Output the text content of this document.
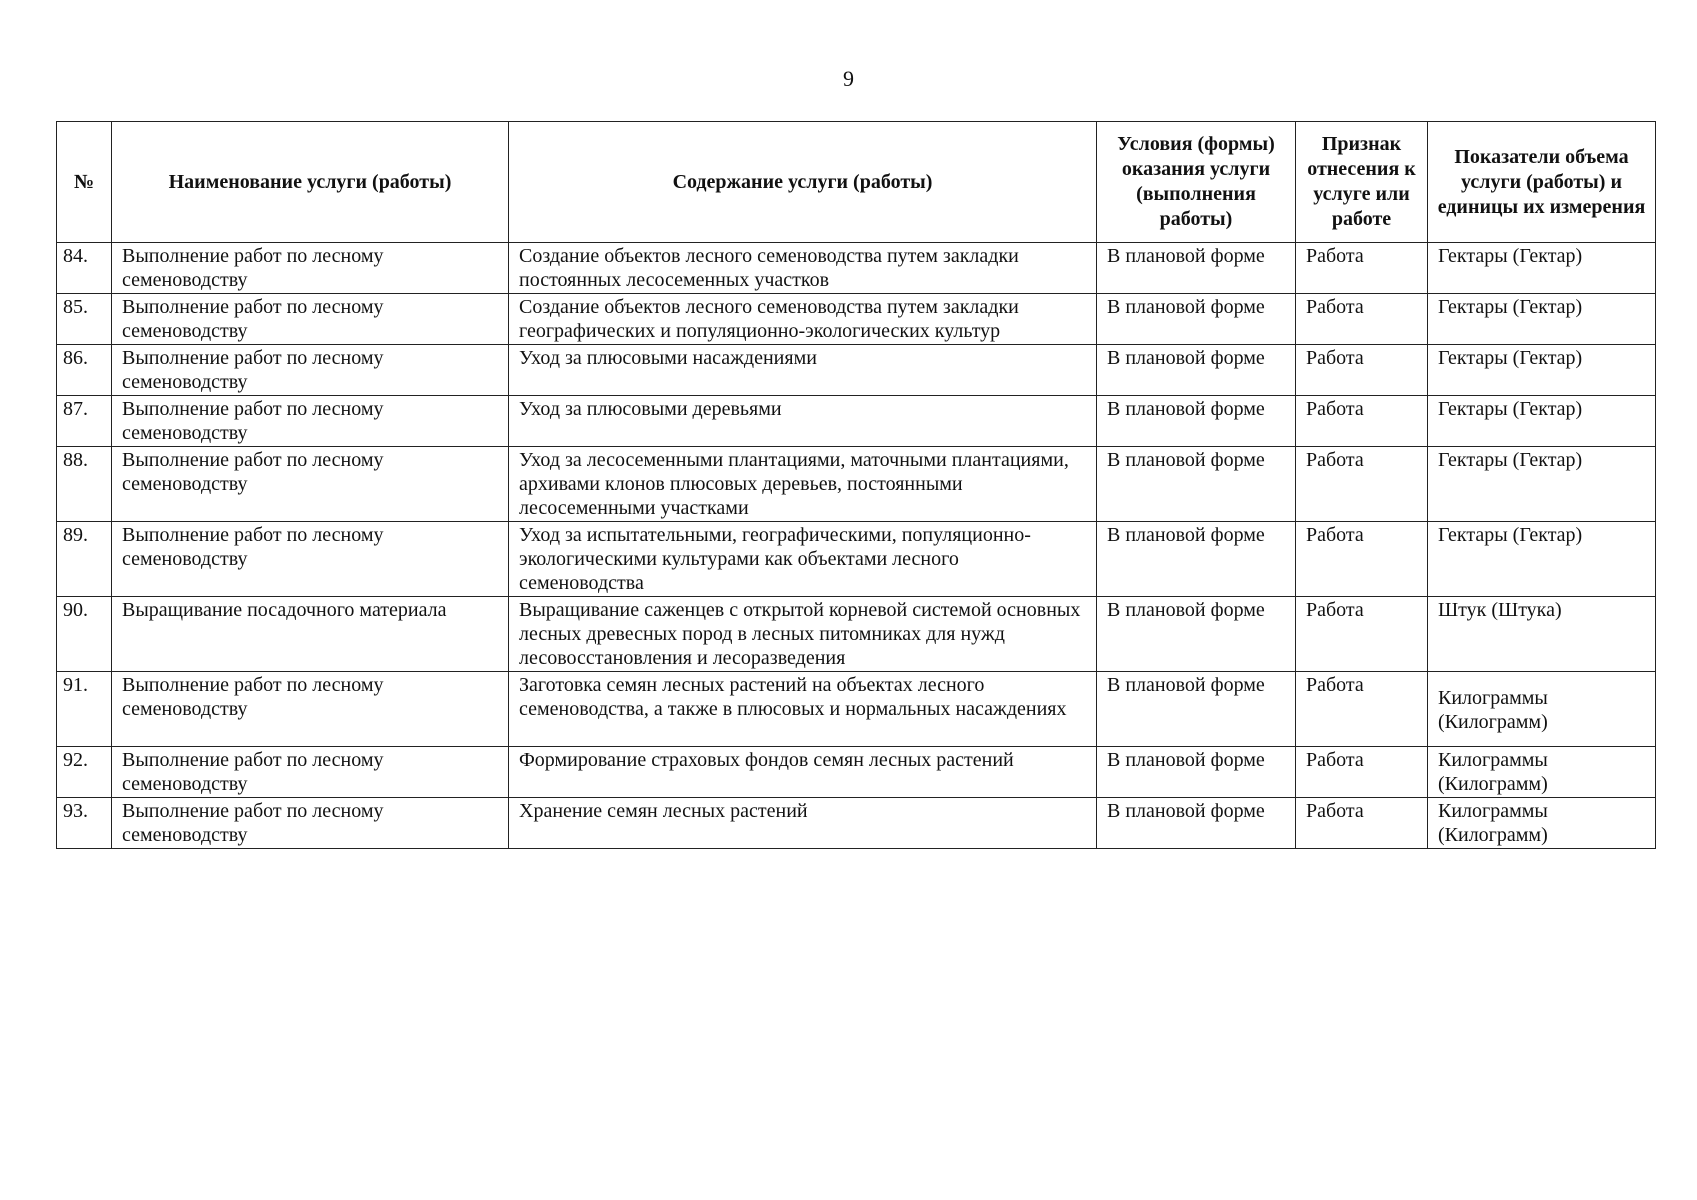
9
№	Наименование услуги (работы)	Содержание услуги (работы)	Условия (формы) оказания услуги (выполнения работы)	Признак отнесения к услуге или работе	Показатели объема услуги (работы) и единицы их измерения
84.	Выполнение работ по лесному семеноводству	Создание объектов лесного семеноводства путем закладки постоянных лесосеменных участков	В плановой форме	Работа	Гектары (Гектар)
85.	Выполнение работ по лесному семеноводству	Создание объектов лесного семеноводства путем закладки географических и популяционно-экологических культур	В плановой форме	Работа	Гектары (Гектар)
86.	Выполнение работ по лесному семеноводству	Уход за плюсовыми насаждениями	В плановой форме	Работа	Гектары (Гектар)
87.	Выполнение работ по лесному семеноводству	Уход за плюсовыми деревьями	В плановой форме	Работа	Гектары (Гектар)
88.	Выполнение работ по лесному семеноводству	Уход за лесосеменными плантациями, маточными плантациями, архивами клонов плюсовых деревьев, постоянными лесосеменными участками	В плановой форме	Работа	Гектары (Гектар)
89.	Выполнение работ по лесному семеноводству	Уход за испытательными, географическими, популяционно-экологическими культурами как объектами лесного семеноводства	В плановой форме	Работа	Гектары (Гектар)
90.	Выращивание посадочного материала	Выращивание саженцев с открытой корневой системой основных лесных древесных пород в лесных питомниках для нужд лесовосстановления и лесоразведения	В плановой форме	Работа	Штук (Штука)
91.	Выполнение работ по лесному семеноводству	Заготовка семян лесных растений на объектах лесного семеноводства, а также в плюсовых и нормальных насаждениях	В плановой форме	Работа	Килограммы (Килограмм)
92.	Выполнение работ по лесному семеноводству	Формирование страховых фондов семян лесных растений	В плановой форме	Работа	Килограммы (Килограмм)
93.	Выполнение работ по лесному семеноводству	Хранение семян лесных растений	В плановой форме	Работа	Килограммы (Килограмм)
